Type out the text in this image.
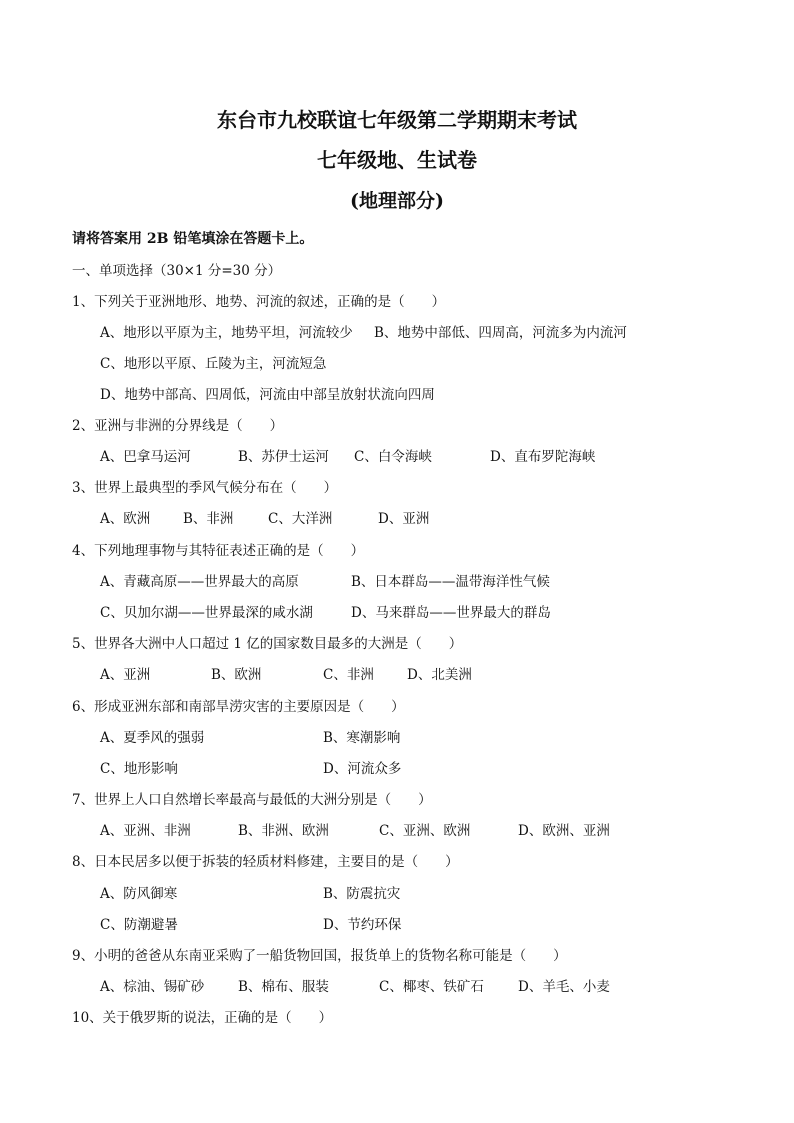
东台市九校联谊七年级第二学期期末考试
七年级地、生试卷
(地理部分)
请将答案用 2B 铅笔填涂在答题卡上。
一、单项选择（30×1 分=30 分）
1、下列关于亚洲地形、地势、河流的叙述，正确的是（　　）
A、地形以平原为主，地势平坦，河流较少 B、地势中部低、四周高，河流多为内流河
C、地形以平原、丘陵为主，河流短急
D、地势中部高、四周低，河流由中部呈放射状流向四周
2、亚洲与非洲的分界线是（　　）
A、巴拿马运河	B、苏伊士运河 C、白令海峡	D、直布罗陀海峡
3、世界上最典型的季风气候分布在（　　）
A、欧洲 B、非洲	C、大洋洲	D、亚洲
4、下列地理事物与其特征表述正确的是（　　）
A、青藏高原——世界最大的高原	B、日本群岛——温带海洋性气候
C、贝加尔湖——世界最深的咸水湖	D、马来群岛——世界最大的群岛
5、世界各大洲中人口超过 1 亿的国家数目最多的大洲是（　　）
A、亚洲	B、欧洲	C、非洲 D、北美洲
6、形成亚洲东部和南部旱涝灾害的主要原因是（　　）
A、夏季风的强弱	B、寒潮影响
C、地形影响	D、河流众多
7、世界上人口自然增长率最高与最低的大洲分别是（　　）
A、亚洲、非洲	B、非洲、欧洲	C、亚洲、欧洲	D、欧洲、亚洲
8、日本民居多以便于拆装的轻质材料修建，主要目的是（　　）
A、防风御寒	B、防震抗灾
C、防潮避暑	D、节约环保
9、小明的爸爸从东南亚采购了一船货物回国，报货单上的货物名称可能是（　　）
A、棕油、锡矿砂	B、棉布、服装	C、椰枣、铁矿石	D、羊毛、小麦
10、关于俄罗斯的说法，正确的是（　　）
